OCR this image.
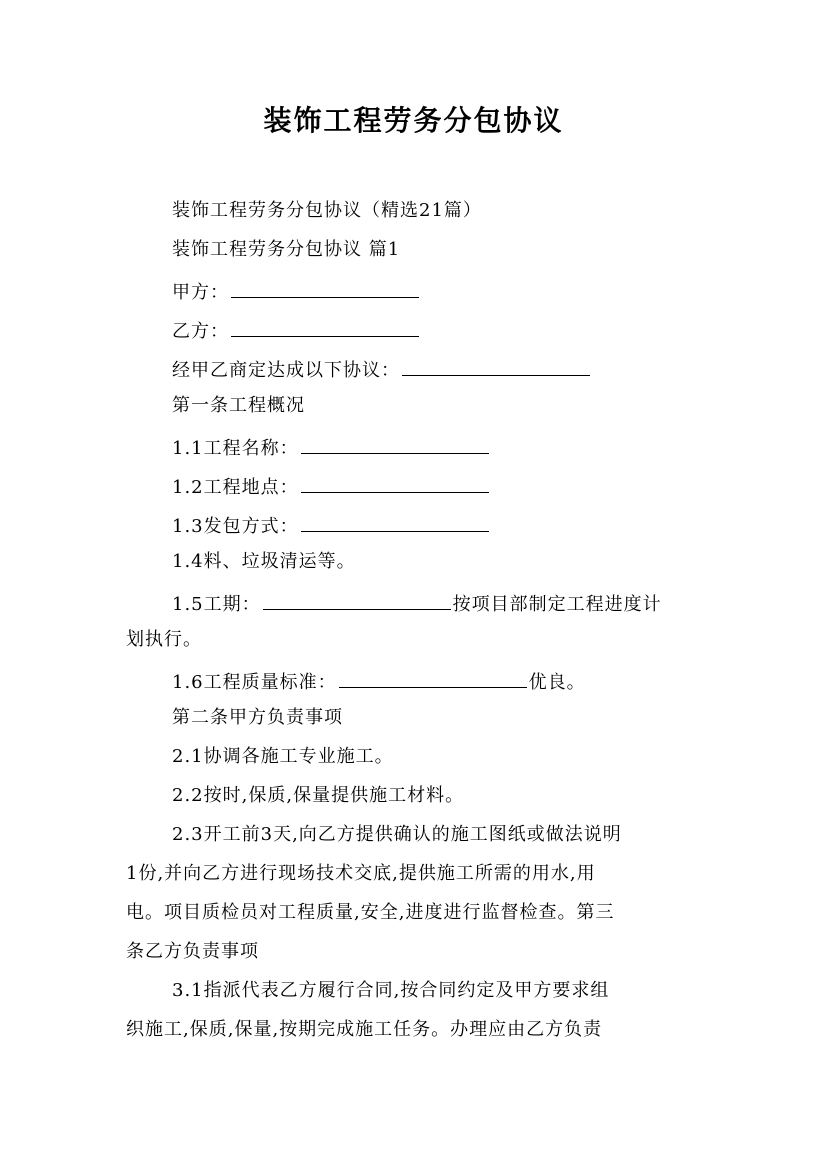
装饰工程劳务分包协议
装饰工程劳务分包协议（精选21篇）
装饰工程劳务分包协议 篇1
甲方：
乙方：
经甲乙商定达成以下协议：
第一条工程概况
1.1工程名称：
1.2工程地点：
1.3发包方式：
1.4料、垃圾清运等。
1.5工期：	按项目部制定工程进度计
划执行。
1.6工程质量标准：	优良。
第二条甲方负责事项
2.1协调各施工专业施工。
2.2按时,保质,保量提供施工材料。
2.3开工前3天,向乙方提供确认的施工图纸或做法说明
1份,并向乙方进行现场技术交底,提供施工所需的用水,用
电。项目质检员对工程质量,安全,进度进行监督检查。第三
条乙方负责事项
3.1指派代表乙方履行合同,按合同约定及甲方要求组
织施工,保质,保量,按期完成施工任务。办理应由乙方负责
